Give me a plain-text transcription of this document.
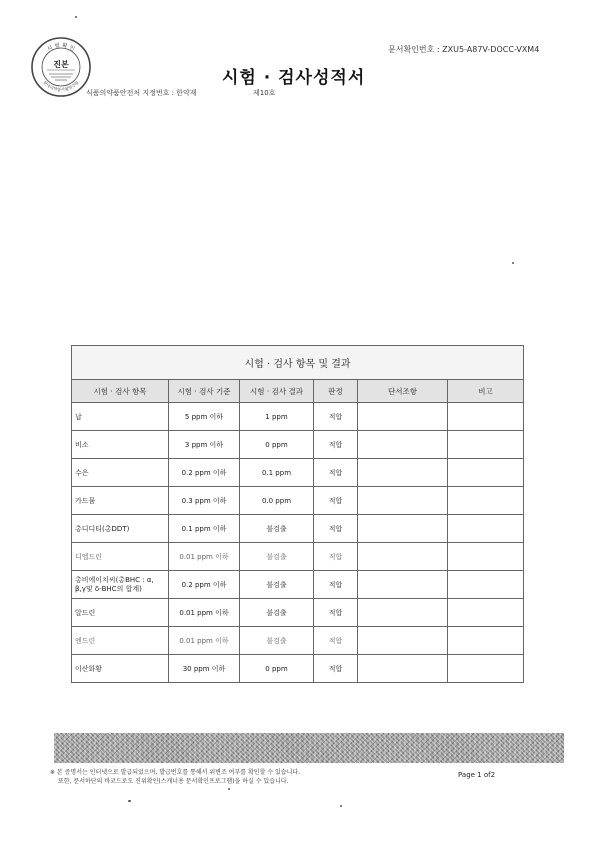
문서확인번호 : ZXU5-A87V-DOCC-VXM4
시험 · 검사성적서
식품의약품안전처 지정번호 : 한약재	제10호
시 험 확 인
진본
한국의약품시험연구원
시험 · 검사 항목 및 결과					
시험 · 검사 항목	시험 · 검사 기준	시험 · 검사 결과	판정	단서조항	비고
납	5 ppm 이하	1 ppm	적합		
비소	3 ppm 이하	0 ppm	적합		
수은	0.2 ppm 이하	0.1 ppm	적합		
카드뮴	0.3 ppm 이하	0.0 ppm	적합		
총디디티(총DDT)	0.1 ppm 이하	불검출	적합		
디엘드린	0.01 ppm 이하	불검출	적합		
총비에이치씨(총BHC : α, β,γ및 δ-BHC의 합계)	0.2 ppm 이하	불검출	적합		
알드린	0.01 ppm 이하	불검출	적합		
엔드린	0.01 ppm 이하	불검출	적합		
이산화황	30 ppm 이하	0 ppm	적합		
※ 본 증명서는 인터넷으로 발급되었으며, 발급번호를 통해서 위변조 여부를 확인할 수 있습니다.
또한, 문서하단의 바코드로도 진위확인(스캐너용 문서확인프로그램)을 하실 수 있습니다.
Page 1 of2
